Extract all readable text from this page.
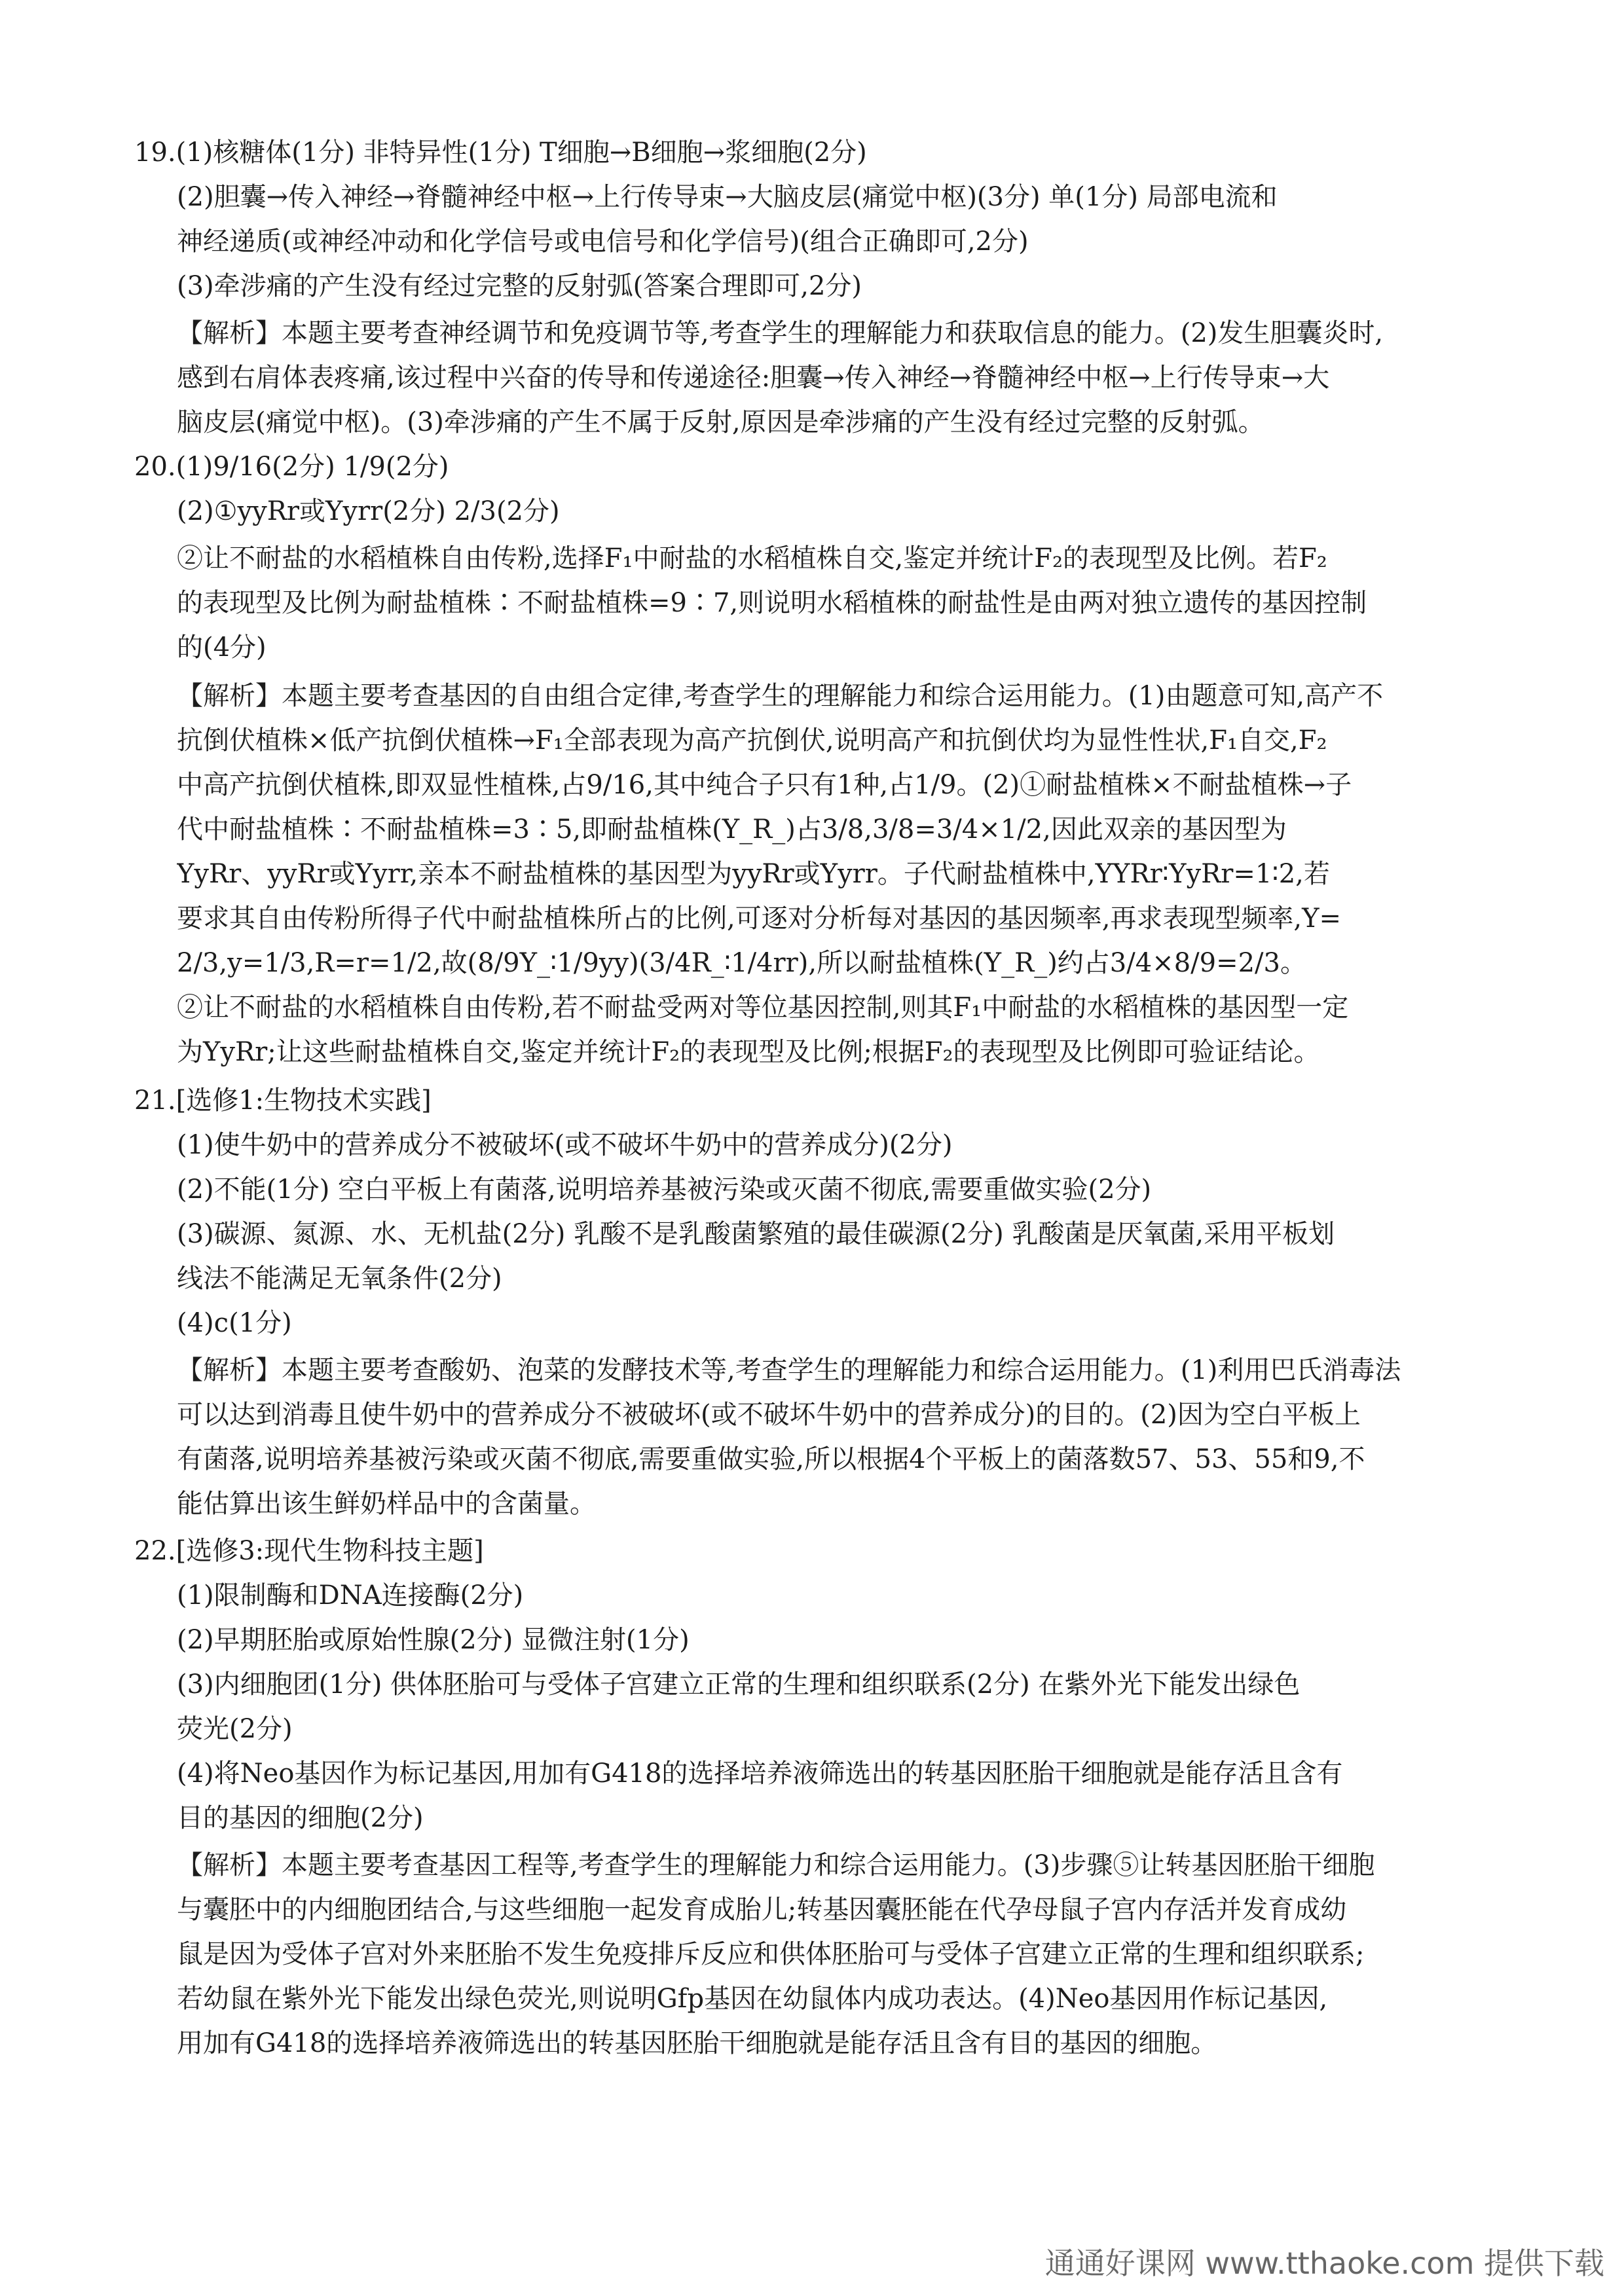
19.(1)核糖体(1分) 非特异性(1分) T细胞→B细胞→浆细胞(2分)
(2)胆囊→传入神经→脊髓神经中枢→上行传导束→大脑皮层(痛觉中枢)(3分) 单(1分) 局部电流和
神经递质(或神经冲动和化学信号或电信号和化学信号)(组合正确即可,2分)
(3)牵涉痛的产生没有经过完整的反射弧(答案合理即可,2分)
【解析】本题主要考查神经调节和免疫调节等,考查学生的理解能力和获取信息的能力。(2)发生胆囊炎时,
感到右肩体表疼痛,该过程中兴奋的传导和传递途径:胆囊→传入神经→脊髓神经中枢→上行传导束→大
脑皮层(痛觉中枢)。(3)牵涉痛的产生不属于反射,原因是牵涉痛的产生没有经过完整的反射弧。
20.(1)9/16(2分) 1/9(2分)
(2)①yyRr或Yyrr(2分) 2/3(2分)
②让不耐盐的水稻植株自由传粉,选择F₁中耐盐的水稻植株自交,鉴定并统计F₂的表现型及比例。若F₂
的表现型及比例为耐盐植株∶不耐盐植株=9∶7,则说明水稻植株的耐盐性是由两对独立遗传的基因控制
的(4分)
【解析】本题主要考查基因的自由组合定律,考查学生的理解能力和综合运用能力。(1)由题意可知,高产不
抗倒伏植株×低产抗倒伏植株→F₁全部表现为高产抗倒伏,说明高产和抗倒伏均为显性性状,F₁自交,F₂
中高产抗倒伏植株,即双显性植株,占9/16,其中纯合子只有1种,占1/9。(2)①耐盐植株×不耐盐植株→子
代中耐盐植株∶不耐盐植株=3∶5,即耐盐植株(Y_R_)占3/8,3/8=3/4×1/2,因此双亲的基因型为
YyRr、yyRr或Yyrr,亲本不耐盐植株的基因型为yyRr或Yyrr。子代耐盐植株中,YYRr∶YyRr=1∶2,若
要求其自由传粉所得子代中耐盐植株所占的比例,可逐对分析每对基因的基因频率,再求表现型频率,Y=
2/3,y=1/3,R=r=1/2,故(8/9Y_∶1/9yy)(3/4R_∶1/4rr),所以耐盐植株(Y_R_)约占3/4×8/9=2/3。
②让不耐盐的水稻植株自由传粉,若不耐盐受两对等位基因控制,则其F₁中耐盐的水稻植株的基因型一定
为YyRr;让这些耐盐植株自交,鉴定并统计F₂的表现型及比例;根据F₂的表现型及比例即可验证结论。
21.[选修1:生物技术实践]
(1)使牛奶中的营养成分不被破坏(或不破坏牛奶中的营养成分)(2分)
(2)不能(1分) 空白平板上有菌落,说明培养基被污染或灭菌不彻底,需要重做实验(2分)
(3)碳源、氮源、水、无机盐(2分) 乳酸不是乳酸菌繁殖的最佳碳源(2分) 乳酸菌是厌氧菌,采用平板划
线法不能满足无氧条件(2分)
(4)c(1分)
【解析】本题主要考查酸奶、泡菜的发酵技术等,考查学生的理解能力和综合运用能力。(1)利用巴氏消毒法
可以达到消毒且使牛奶中的营养成分不被破坏(或不破坏牛奶中的营养成分)的目的。(2)因为空白平板上
有菌落,说明培养基被污染或灭菌不彻底,需要重做实验,所以根据4个平板上的菌落数57、53、55和9,不
能估算出该生鲜奶样品中的含菌量。
22.[选修3:现代生物科技主题]
(1)限制酶和DNA连接酶(2分)
(2)早期胚胎或原始性腺(2分) 显微注射(1分)
(3)内细胞团(1分) 供体胚胎可与受体子宫建立正常的生理和组织联系(2分) 在紫外光下能发出绿色
荧光(2分)
(4)将Neo基因作为标记基因,用加有G418的选择培养液筛选出的转基因胚胎干细胞就是能存活且含有
目的基因的细胞(2分)
【解析】本题主要考查基因工程等,考查学生的理解能力和综合运用能力。(3)步骤⑤让转基因胚胎干细胞
与囊胚中的内细胞团结合,与这些细胞一起发育成胎儿;转基因囊胚能在代孕母鼠子宫内存活并发育成幼
鼠是因为受体子宫对外来胚胎不发生免疫排斥反应和供体胚胎可与受体子宫建立正常的生理和组织联系;
若幼鼠在紫外光下能发出绿色荧光,则说明Gfp基因在幼鼠体内成功表达。(4)Neo基因用作标记基因,
用加有G418的选择培养液筛选出的转基因胚胎干细胞就是能存活且含有目的基因的细胞。
通通好课网 www.tthaoke.com 提供下载
